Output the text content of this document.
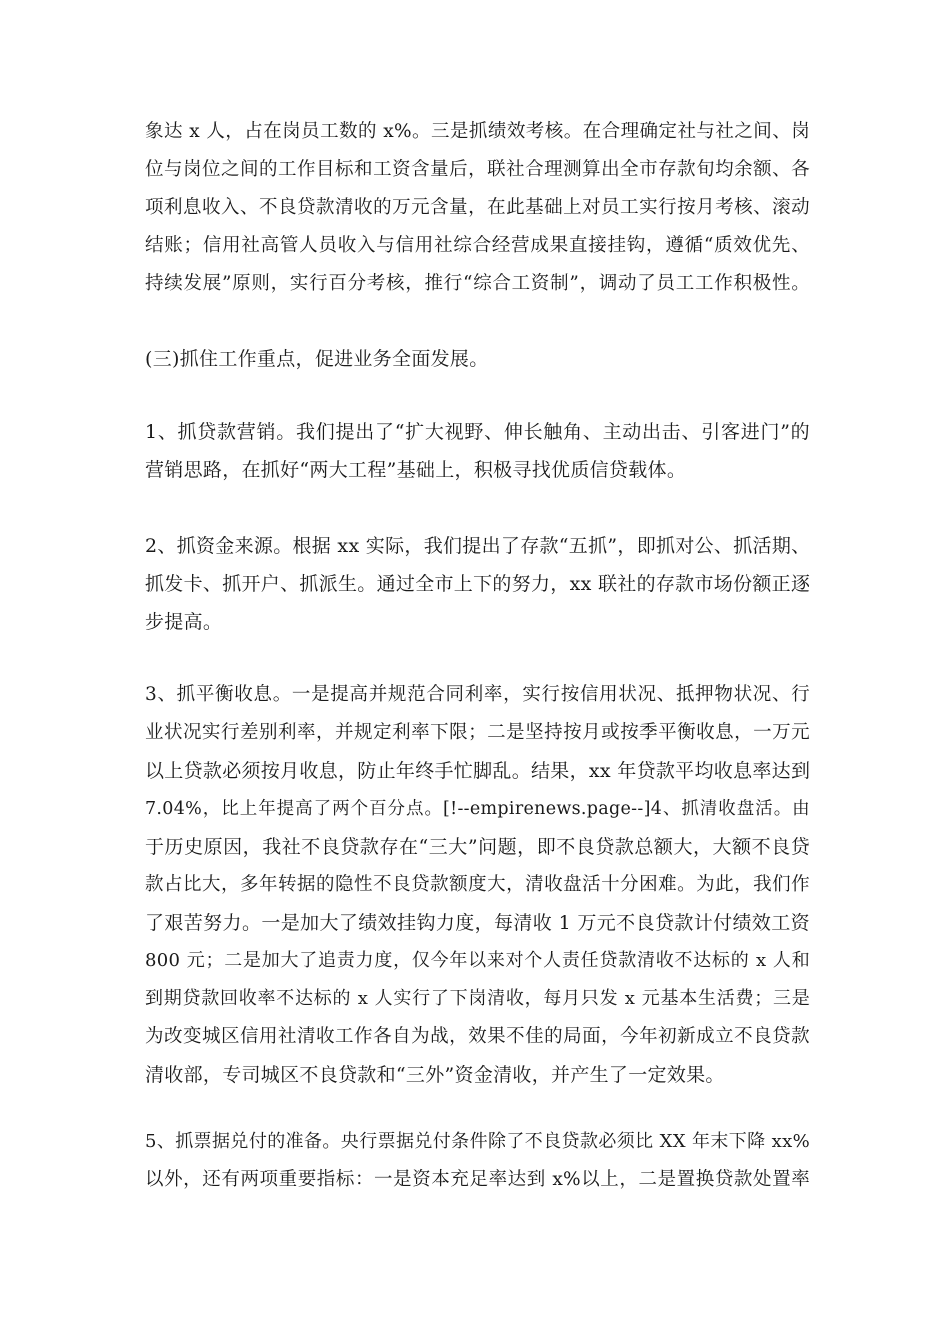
象达 x 人，占在岗员工数的 x%。三是抓绩效考核。在合理确定社与社之间、岗
位与岗位之间的工作目标和工资含量后，联社合理测算出全市存款旬均余额、各
项利息收入、不良贷款清收的万元含量，在此基础上对员工实行按月考核、滚动
结账；信用社高管人员收入与信用社综合经营成果直接挂钩，遵循“质效优先、
持续发展”原则，实行百分考核，推行“综合工资制”，调动了员工工作积极性。
(三)抓住工作重点，促进业务全面发展。
1、抓贷款营销。我们提出了“扩大视野、伸长触角、主动出击、引客进门”的
营销思路，在抓好“两大工程”基础上，积极寻找优质信贷载体。
2、抓资金来源。根据 xx 实际，我们提出了存款“五抓”，即抓对公、抓活期、
抓发卡、抓开户、抓派生。通过全市上下的努力，xx 联社的存款市场份额正逐
步提高。
3、抓平衡收息。一是提高并规范合同利率，实行按信用状况、抵押物状况、行
业状况实行差别利率，并规定利率下限；二是坚持按月或按季平衡收息，一万元
以上贷款必须按月收息，防止年终手忙脚乱。结果，xx 年贷款平均收息率达到
7.04%，比上年提高了两个百分点。[!--empirenews.page--]4、抓清收盘活。由
于历史原因，我社不良贷款存在“三大”问题，即不良贷款总额大，大额不良贷
款占比大，多年转据的隐性不良贷款额度大，清收盘活十分困难。为此，我们作
了艰苦努力。一是加大了绩效挂钩力度，每清收 1 万元不良贷款计付绩效工资
800 元；二是加大了追责力度，仅今年以来对个人责任贷款清收不达标的 x 人和
到期贷款回收率不达标的 x 人实行了下岗清收，每月只发 x 元基本生活费；三是
为改变城区信用社清收工作各自为战，效果不佳的局面，今年初新成立不良贷款
清收部，专司城区不良贷款和“三外”资金清收，并产生了一定效果。
5、抓票据兑付的准备。央行票据兑付条件除了不良贷款必须比 XX 年末下降 xx%
以外，还有两项重要指标：一是资本充足率达到 x%以上，二是置换贷款处置率
